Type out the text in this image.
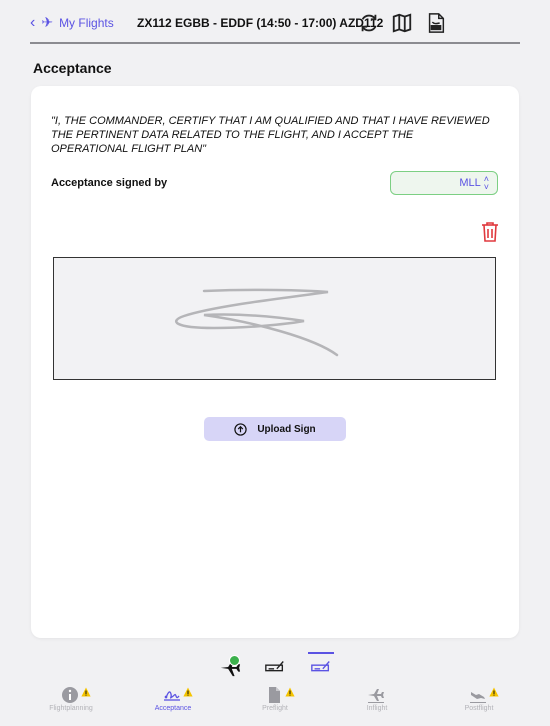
‹ ✈ My Flights ZX112 EGBB - EDDF (14:50 - 17:00) AZD112
Acceptance
"I, THE COMMANDER, CERTIFY THAT I AM QUALIFIED AND THAT I HAVE REVIEWED THE PERTINENT DATA RELATED TO THE FLIGHT, AND I ACCEPT THE OPERATIONAL FLIGHT PLAN"
Acceptance signed by	MLL ˄
˅
Upload Sign
Flightplanning	Acceptance	Preflight	Inflight	Postflight
